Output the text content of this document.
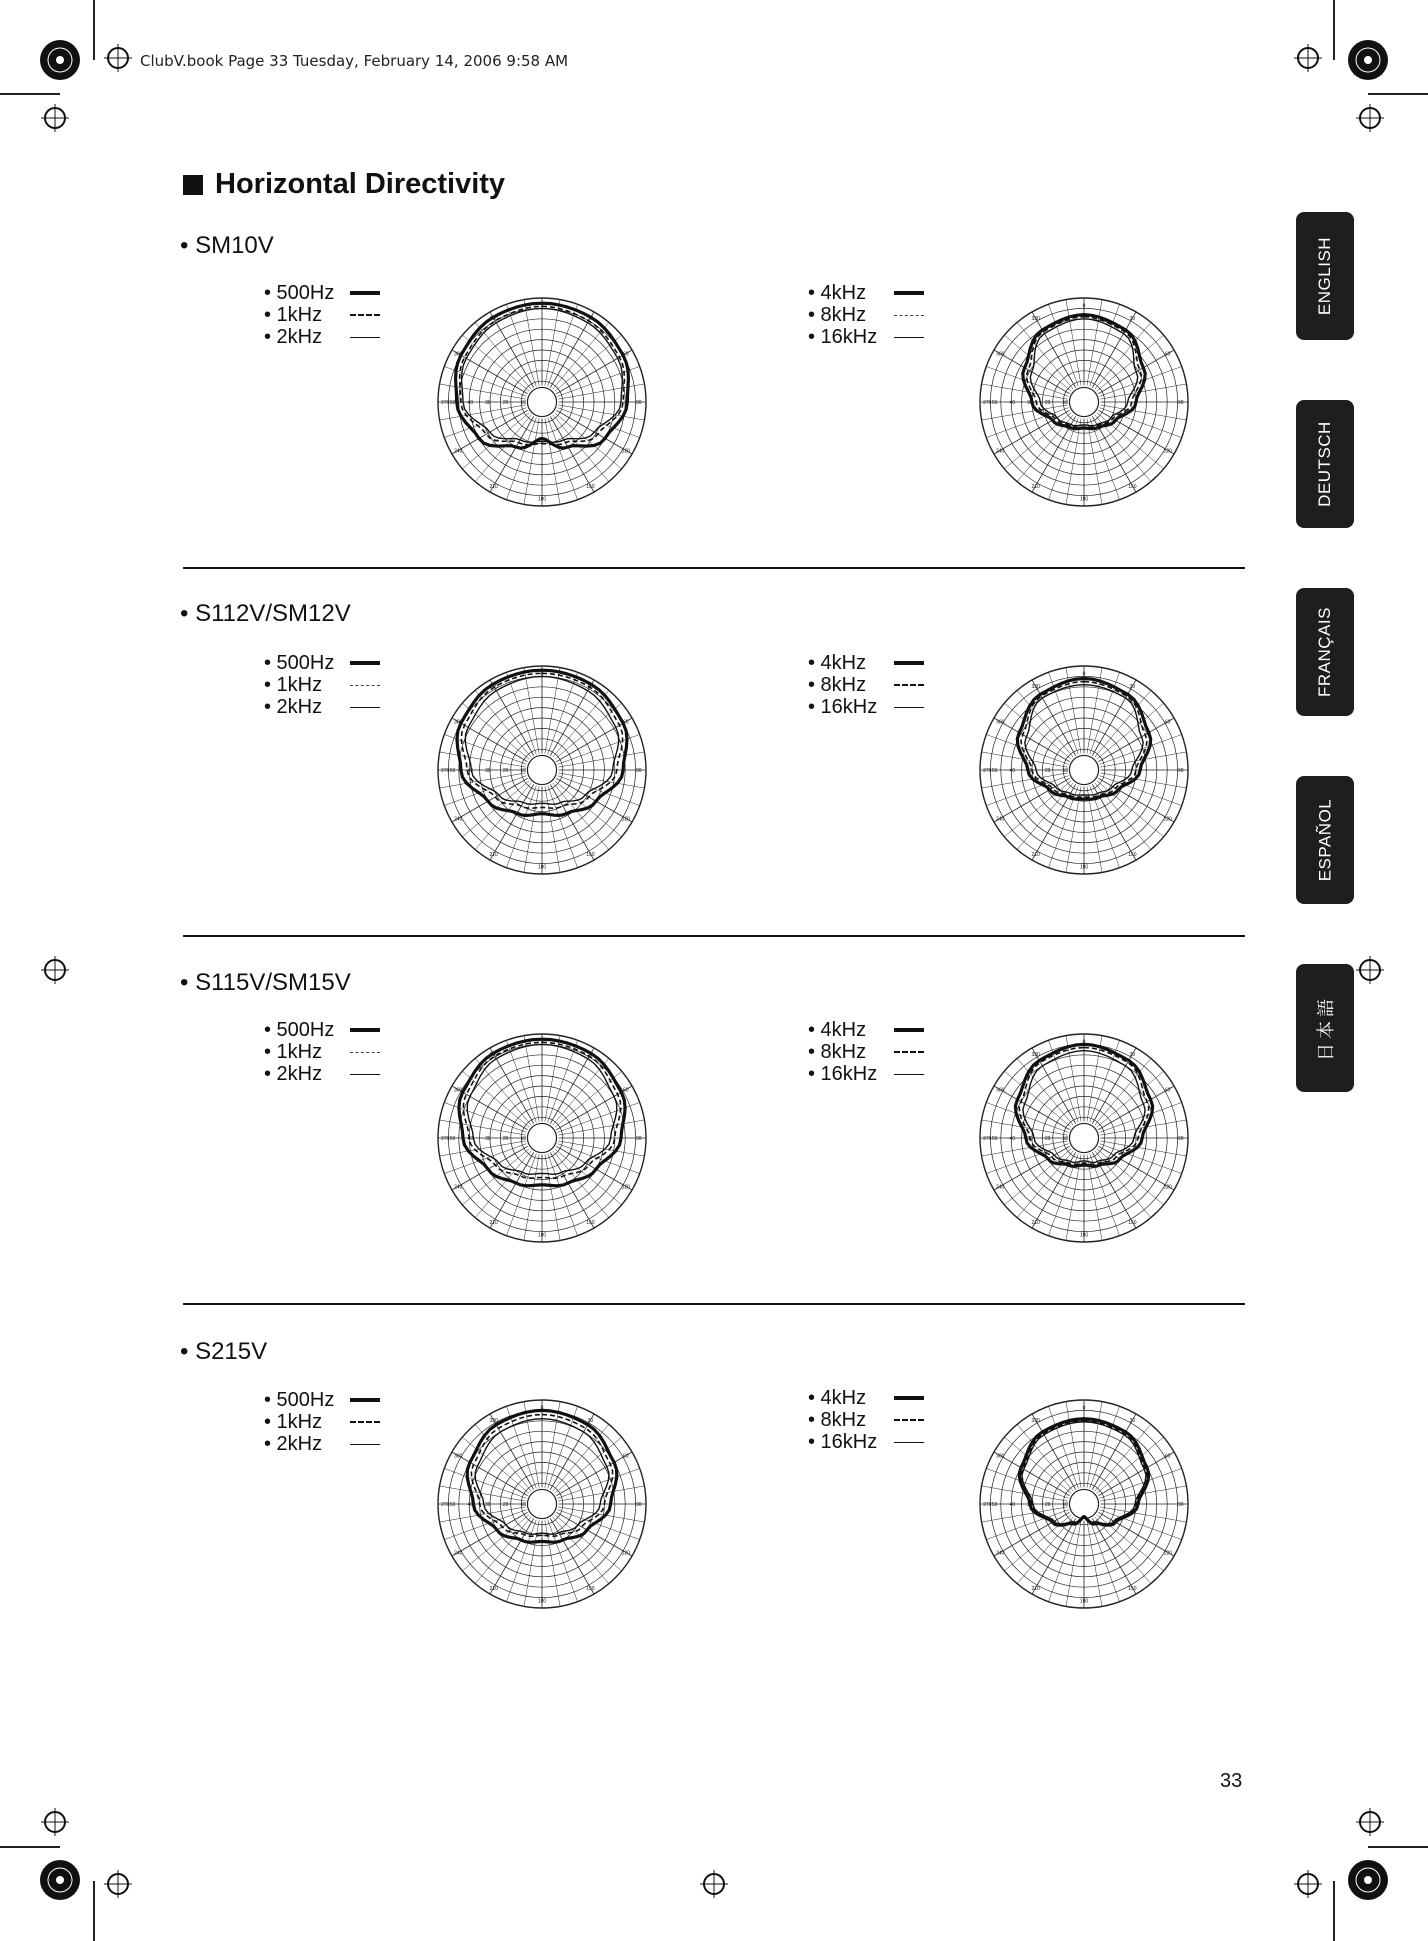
ClubV.book Page 33 Tuesday, February 14, 2006 9:58 AM
Horizontal Directivity
• SM10V
• 500Hz
• 1kHz
• 2kHz
0
30
60
90
120
150
180
210
240
270
300
330
10
20
30
40
50
• 4kHz
• 8kHz
• 16kHz
0
30
60
90
120
150
180
210
240
270
300
330
10
20
30
40
50
• S112V/SM12V
• 500Hz
• 1kHz
• 2kHz
0
30
60
90
120
150
180
210
240
270
300
330
10
20
30
40
50
• 4kHz
• 8kHz
• 16kHz
0
30
60
90
120
150
180
210
240
270
300
330
10
20
30
40
50
• S115V/SM15V
• 500Hz
• 1kHz
• 2kHz
0
30
60
90
120
150
180
210
240
270
300
330
10
20
30
40
50
• 4kHz
• 8kHz
• 16kHz
0
30
60
90
120
150
180
210
240
270
300
330
10
20
30
40
50
• S215V
• 500Hz
• 1kHz
• 2kHz
0
30
60
90
120
150
180
210
240
270
300
330
10
20
30
40
50
• 4kHz
• 8kHz
• 16kHz
0
30
60
90
120
150
180
210
240
270
300
330
10
20
30
40
50
ENGLISH
DEUTSCH
FRANÇAIS
ESPAÑOL
日本語
33
